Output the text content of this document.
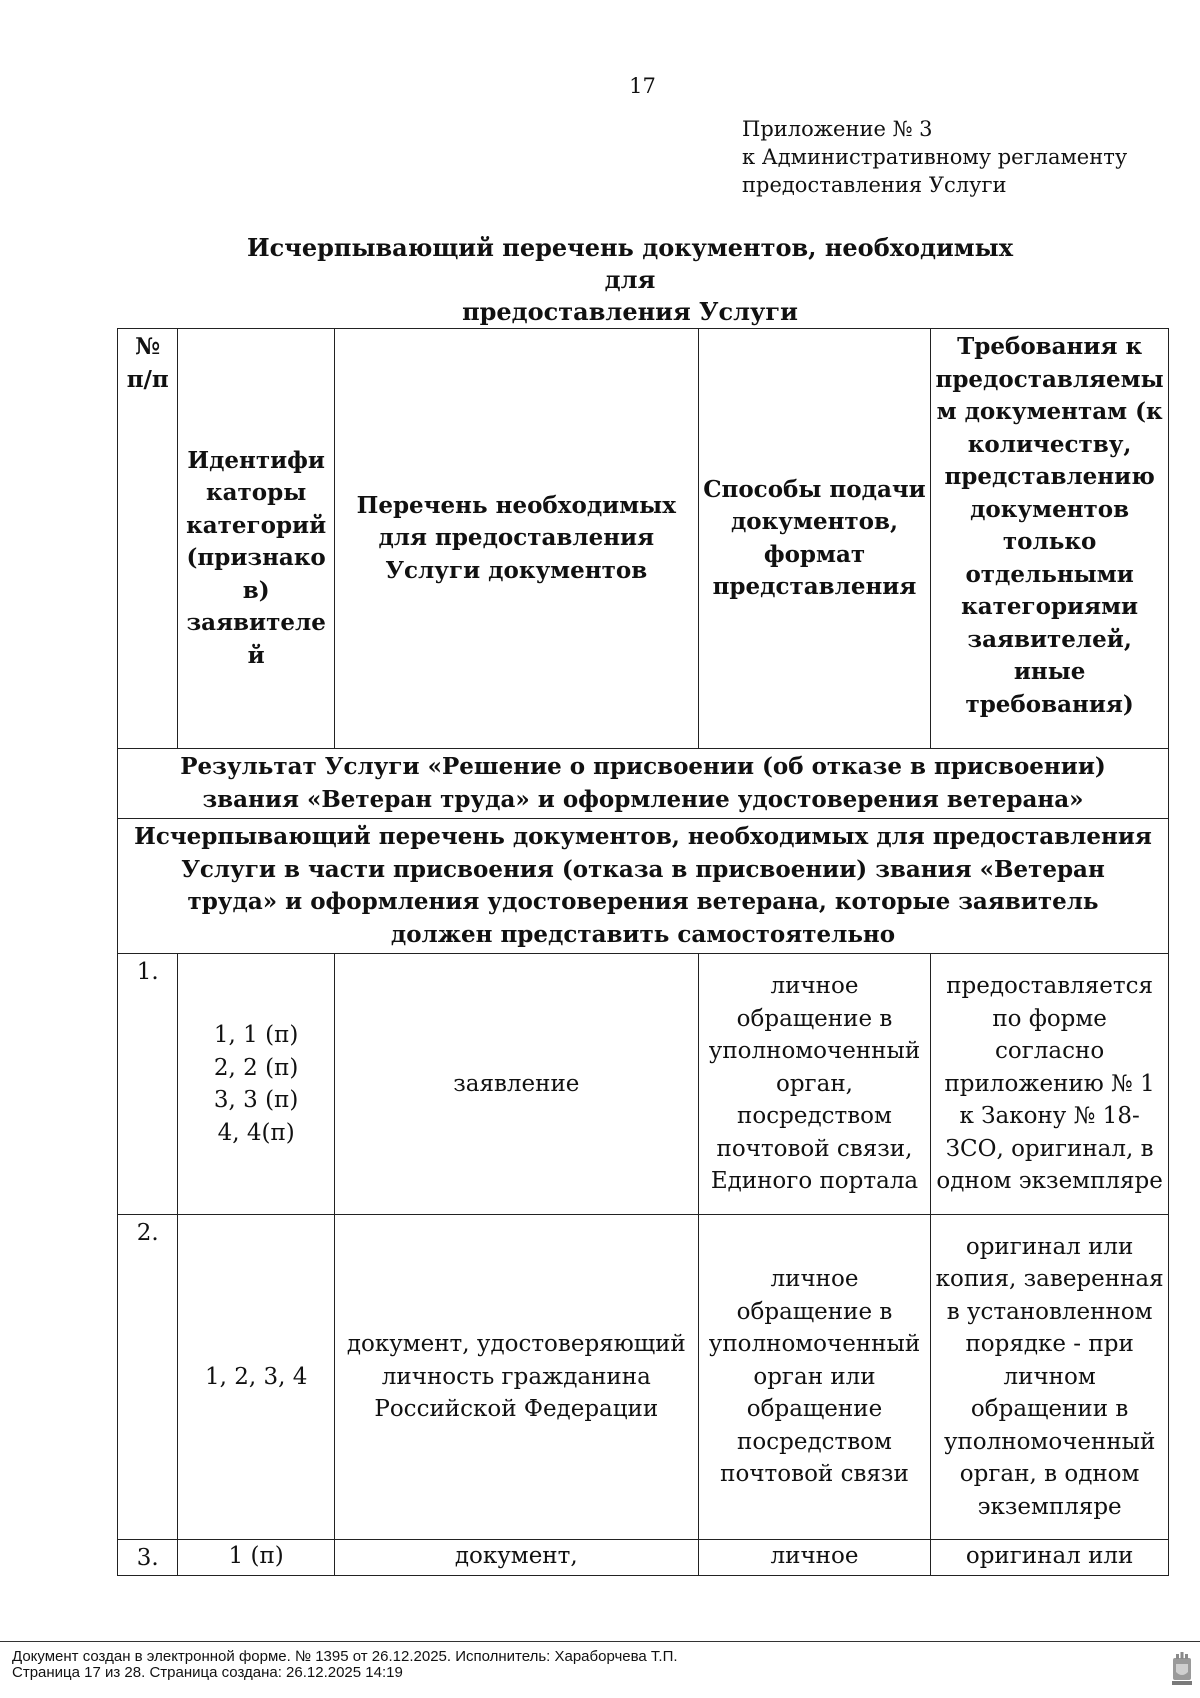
17
Приложение № 3
к Административному регламенту
предоставления Услуги
Исчерпывающий перечень документов, необходимых для
предоставления Услуги
№ п/п	Идентификаторы категорий (признаков) заявителей	Перечень необходимых для предоставления Услуги документов	Способы подачи документов, формат представления	Требования к предоставляемым документам (к количеству, представлению документов только отдельными категориями заявителей, иные требования)
Результат Услуги «Решение о присвоении (об отказе в присвоении) звания «Ветеран труда» и оформление удостоверения ветерана»				
Исчерпывающий перечень документов, необходимых для предоставления Услуги в части присвоения (отказа в присвоении) звания «Ветеран труда» и оформления удостоверения ветерана, которые заявитель должен представить самостоятельно				
1.	1, 1 (п)
2, 2 (п)
3, 3 (п)
4, 4(п)	заявление	личное обращение в уполномоченный орган, посредством почтовой связи, Единого портала	предоставляется по форме согласно приложению № 1 к Закону № 18-ЗСО, оригинал, в одном экземпляре
2.	1, 2, 3, 4	документ, удостоверяющий личность гражданина Российской Федерации	личное обращение в уполномоченный орган или обращение посредством почтовой связи	оригинал или копия, заверенная в установленном порядке - при личном обращении в уполномоченный орган, в одном экземпляре
3.	1 (п)	документ,	личное	оригинал или
Документ создан в электронной форме. № 1395 от 26.12.2025. Исполнитель: Хараборчева Т.П.
Страница 17 из 28. Страница создана: 26.12.2025 14:19
